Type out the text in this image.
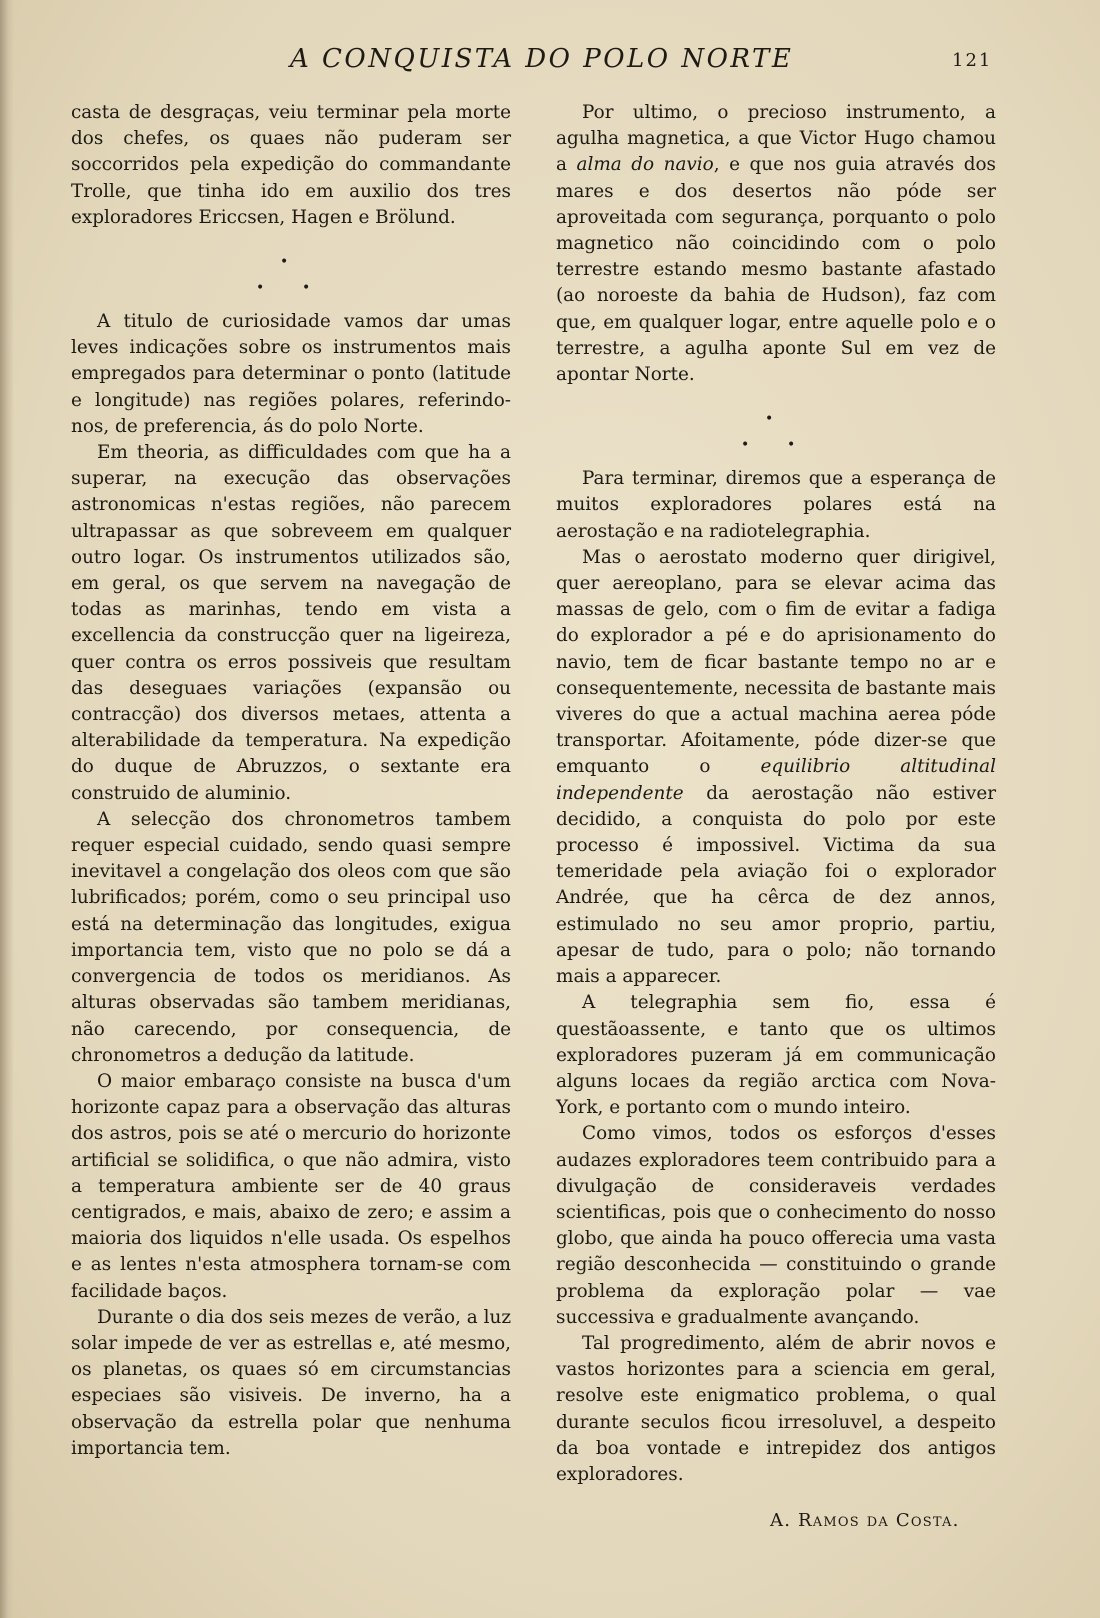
A CONQUISTA DO POLO NORTE	121

casta de desgraças, veiu terminar pela morte dos chefes, os quaes não puderam ser soccorridos pela expedição do commandante Trolle, que tinha ido em auxilio dos tres exploradores Ericcsen, Hagen e Brölund.

•
•	•

A titulo de curiosidade vamos dar umas leves indicações sobre os instrumentos mais empregados para determinar o ponto (latitude e longitude) nas regiões polares, referindo-nos, de preferencia, ás do polo Norte.

Em theoria, as difficuldades com que ha a superar, na execução das observações astronomicas n'estas regiões, não parecem ultrapassar as que sobreveem em qualquer outro logar. Os instrumentos utilizados são, em geral, os que servem na navegação de todas as marinhas, tendo em vista a excellencia da construcção quer na ligeireza, quer contra os erros possiveis que resultam das deseguaes variações (expansão ou contracção) dos diversos metaes, attenta a alterabilidade da temperatura. Na expedição do duque de Abruzzos, o sextante era construido de aluminio.

A selecção dos chronometros tambem requer especial cuidado, sendo quasi sempre inevitavel a congelação dos oleos com que são lubrificados; porém, como o seu principal uso está na determinação das longitudes, exigua importancia tem, visto que no polo se dá a convergencia de todos os meridianos. As alturas observadas são tambem meridianas, não carecendo, por consequencia, de chronometros a dedução da latitude.

O maior embaraço consiste na busca d'um horizonte capaz para a observação das alturas dos astros, pois se até o mercurio do horizonte artificial se solidifica, o que não admira, visto a temperatura ambiente ser de 40 graus centigrados, e mais, abaixo de zero; e assim a maioria dos liquidos n'elle usada. Os espelhos e as lentes n'esta atmosphera tornam-se com facilidade baços.

Durante o dia dos seis mezes de verão, a luz solar impede de ver as estrellas e, até mesmo, os planetas, os quaes só em circumstancias especiaes são visiveis. De inverno, ha a observação da estrella polar que nenhuma importancia tem.

Por ultimo, o precioso instrumento, a agulha magnetica, a que Victor Hugo chamou a alma do navio, e que nos guia através dos mares e dos desertos não póde ser aproveitada com segurança, porquanto o polo magnetico não coincidindo com o polo terrestre estando mesmo bastante afastado (ao noroeste da bahia de Hudson), faz com que, em qualquer logar, entre aquelle polo e o terrestre, a agulha aponte Sul em vez de apontar Norte.

•
•	•

Para terminar, diremos que a esperança de muitos exploradores polares está na aerostação e na radiotelegraphia.

Mas o aerostato moderno quer dirigivel, quer aereoplano, para se elevar acima das massas de gelo, com o fim de evitar a fadiga do explorador a pé e do aprisionamento do navio, tem de ficar bastante tempo no ar e consequentemente, necessita de bastante mais viveres do que a actual machina aerea póde transportar. Afoitamente, póde dizer-se que emquanto o equilibrio altitudinal independente da aerostação não estiver decidido, a conquista do polo por este processo é impossivel. Victima da sua temeridade pela aviação foi o explorador Andrée, que ha cêrca de dez annos, estimulado no seu amor proprio, partiu, apesar de tudo, para o polo; não tornando mais a apparecer.

A telegraphia sem fio, essa é questãoassente, e tanto que os ultimos exploradores puzeram já em communicação alguns locaes da região arctica com Nova-York, e portanto com o mundo inteiro.

Como vimos, todos os esforços d'esses audazes exploradores teem contribuido para a divulgação de consideraveis verdades scientificas, pois que o conhecimento do nosso globo, que ainda ha pouco offerecia uma vasta região desconhecida — constituindo o grande problema da exploração polar — vae successiva e gradualmente avançando.

Tal progredimento, além de abrir novos e vastos horizontes para a sciencia em geral, resolve este enigmatico problema, o qual durante seculos ficou irresoluvel, a despeito da boa vontade e intrepidez dos antigos exploradores.

A. Ramos da Costa.
